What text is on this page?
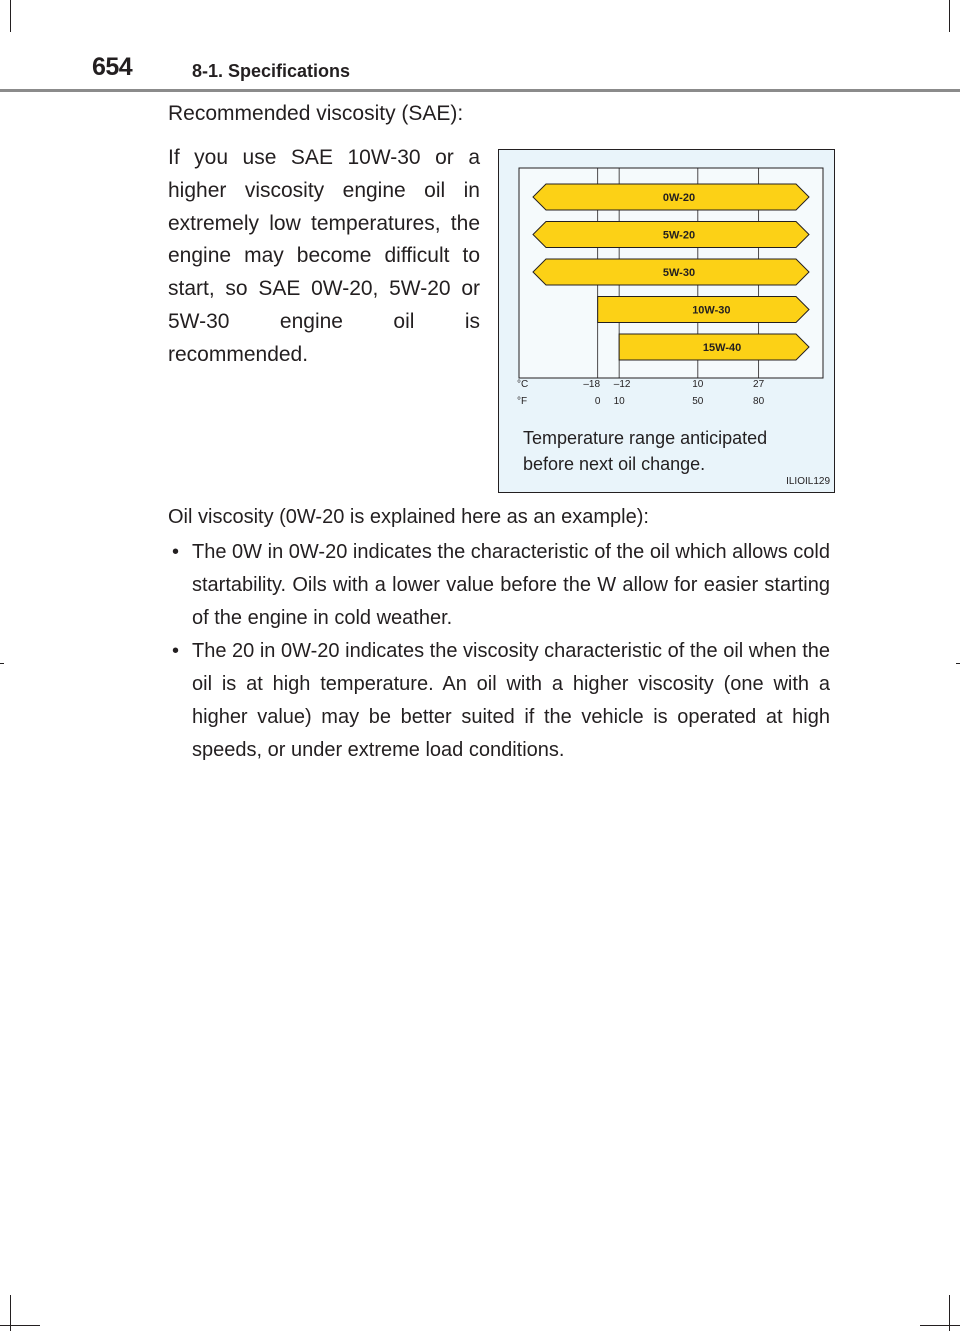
654	8-1. Specifications
Recommended viscosity (SAE):
If you use SAE 10W-30 or a higher viscosity engine oil in extremely low temperatures, the engine may become difficult to start, so SAE 0W-20, 5W-20 or 5W-30 engine oil is recommended.
0W-20
5W-20
5W-30
10W-30
15W-40
°C	–18 –12	10	27
°F	0 10	50	80
Temperature range anticipated
before next oil change.
ILIOIL129
Oil viscosity (0W-20 is explained here as an example):
• The 0W in 0W-20 indicates the characteristic of the oil which allows cold startability. Oils with a lower value before the W allow for easier starting of the engine in cold weather.
• The 20 in 0W-20 indicates the viscosity characteristic of the oil when the oil is at high temperature. An oil with a higher viscosity (one with a higher value) may be better suited if the vehicle is operated at high speeds, or under extreme load conditions.
